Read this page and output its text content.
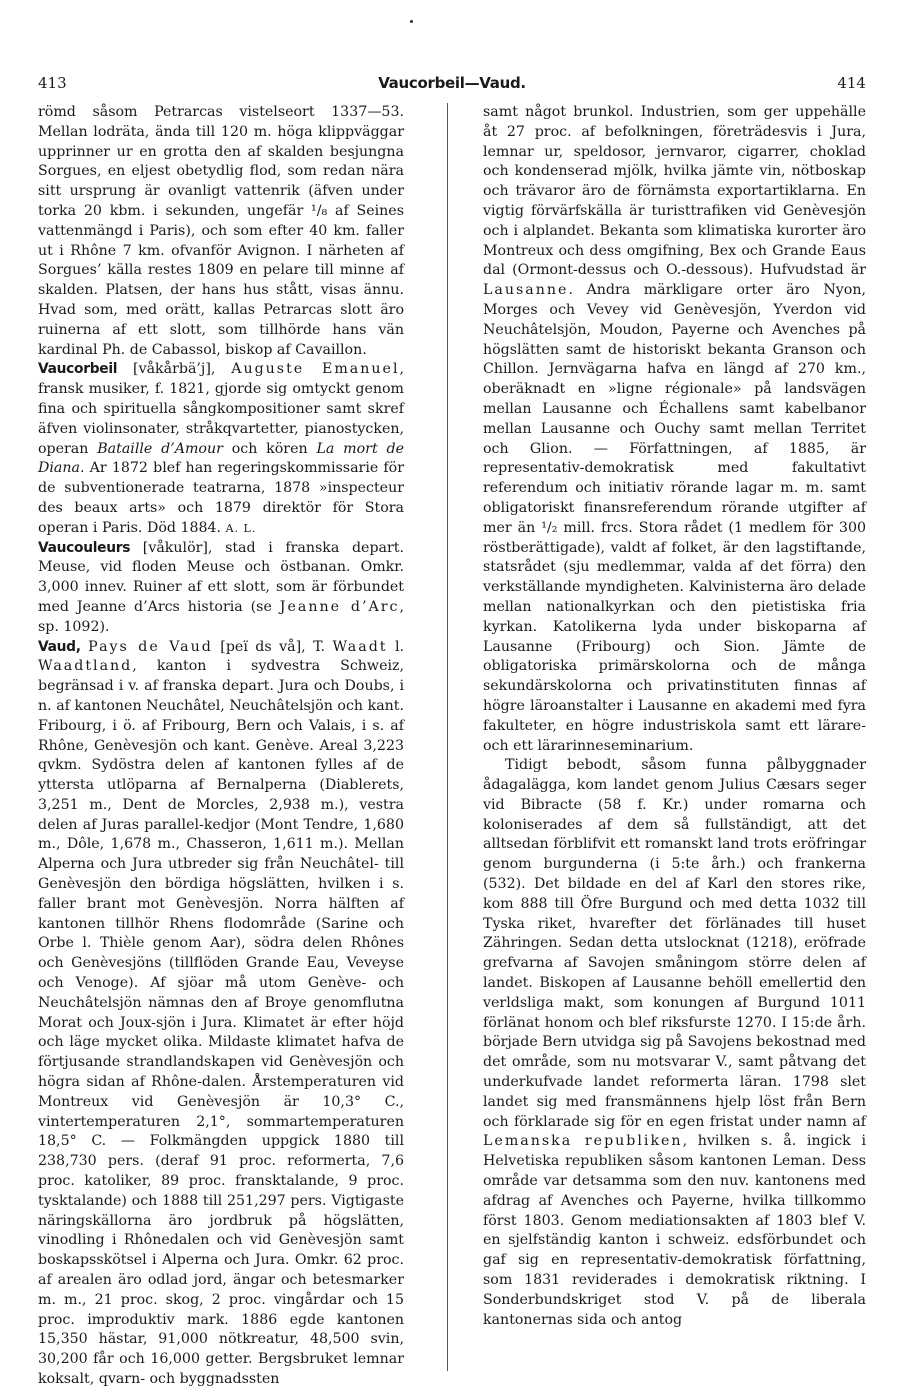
413	Vaucorbeil—Vaud.	414

römd såsom Petrarcas vistelseort 1337—53. Mellan lodräta, ända till 120 m. höga klippväggar upprinner ur en grotta den af skalden besjungna Sorgues, en eljest obetydlig flod, som redan nära sitt ursprung är ovanligt vattenrik (äfven under torka 20 kbm. i sekunden, ungefär ¹/₈ af Seines vattenmängd i Paris), och som efter 40 km. faller ut i Rhône 7 km. ofvanför Avignon. I närheten af Sorgues’ källa restes 1809 en pelare till minne af skalden. Platsen, der hans hus stått, visas ännu. Hvad som, med orätt, kallas Petrarcas slott äro ruinerna af ett slott, som tillhörde hans vän kardinal Ph. de Cabassol, biskop af Cavaillon.

Vaucorbeil [våkårbä’j], Auguste Emanuel, fransk musiker, f. 1821, gjorde sig omtyckt genom fina och spirituella sångkompositioner samt skref äfven violinsonater, stråkqvartetter, pianostycken, operan Bataille d’Amour och kören La mort de Diana. Ar 1872 blef han regeringskommissarie för de subventionerade teatrarna, 1878 »inspecteur des beaux arts» och 1879 direktör för Stora operan i Paris. Död 1884. A. L.

Vaucouleurs [våkulör], stad i franska depart. Meuse, vid floden Meuse och östbanan. Omkr. 3,000 innev. Ruiner af ett slott, som är förbundet med Jeanne d’Arcs historia (se Jeanne d’Arc, sp. 1092).

Vaud, Pays de Vaud [peï ds vå], T. Waadt l. Waadtland, kanton i sydvestra Schweiz, begränsad i v. af franska depart. Jura och Doubs, i n. af kantonen Neuchâtel, Neuchâtelsjön och kant. Fribourg, i ö. af Fribourg, Bern och Valais, i s. af Rhône, Genèvesjön och kant. Genève. Areal 3,223 qvkm. Sydöstra delen af kantonen fylles af de yttersta utlöparna af Bernalperna (Diablerets, 3,251 m., Dent de Morcles, 2,938 m.), vestra delen af Juras parallel-kedjor (Mont Tendre, 1,680 m., Dôle, 1,678 m., Chasseron, 1,611 m.). Mellan Alperna och Jura utbreder sig från Neuchâtel- till Genèvesjön den bördiga högslätten, hvilken i s. faller brant mot Genèvesjön. Norra hälften af kantonen tillhör Rhens flodområde (Sarine och Orbe l. Thièle genom Aar), södra delen Rhônes och Genèvesjöns (tillflöden Grande Eau, Veveyse och Venoge). Af sjöar må utom Genève- och Neuchâtelsjön nämnas den af Broye genomflutna Morat och Joux-sjön i Jura. Klimatet är efter höjd och läge mycket olika. Mildaste klimatet hafva de förtjusande strandlandskapen vid Genèvesjön och högra sidan af Rhône-dalen. Årstemperaturen vid Montreux vid Genèvesjön är 10,3° C., vintertemperaturen 2,1°, sommartemperaturen 18,5° C. — Folkmängden uppgick 1880 till 238,730 pers. (deraf 91 proc. reformerta, 7,6 proc. katoliker, 89 proc. fransktalande, 9 proc. tysktalande) och 1888 till 251,297 pers. Vigtigaste näringskällorna äro jordbruk på högslätten, vinodling i Rhônedalen och vid Genèvesjön samt boskapsskötsel i Alperna och Jura. Omkr. 62 proc. af arealen äro odlad jord, ängar och betesmarker m. m., 21 proc. skog, 2 proc. vingårdar och 15 proc. improduktiv mark. 1886 egde kantonen 15,350 hästar, 91,000 nötkreatur, 48,500 svin, 30,200 får och 16,000 getter. Bergsbruket lemnar koksalt, qvarn- och byggnadssten

samt något brunkol. Industrien, som ger uppehälle åt 27 proc. af befolkningen, företrädesvis i Jura, lemnar ur, speldosor, jernvaror, cigarrer, choklad och kondenserad mjölk, hvilka jämte vin, nötboskap och trävaror äro de förnämsta exportartiklarna. En vigtig förvärfskälla är turisttrafiken vid Genèvesjön och i alplandet. Bekanta som klimatiska kurorter äro Montreux och dess omgifning, Bex och Grande Eaus dal (Ormont-dessus och O.-dessous). Hufvudstad är Lausanne. Andra märkligare orter äro Nyon, Morges och Vevey vid Genèvesjön, Yverdon vid Neuchâtelsjön, Moudon, Payerne och Avenches på högslätten samt de historiskt bekanta Granson och Chillon. Jernvägarna hafva en längd af 270 km., oberäknadt en »ligne régionale» på landsvägen mellan Lausanne och Échallens samt kabelbanor mellan Lausanne och Ouchy samt mellan Territet och Glion. — Författningen, af 1885, är representativ-demokratisk med fakultativt referendum och initiativ rörande lagar m. m. samt obligatoriskt finansreferendum rörande utgifter af mer än ¹/₂ mill. frcs. Stora rådet (1 medlem för 300 röstberättigade), valdt af folket, är den lagstiftande, statsrådet (sju medlemmar, valda af det förra) den verkställande myndigheten. Kalvinisterna äro delade mellan nationalkyrkan och den pietistiska fria kyrkan. Katolikerna lyda under biskoparna af Lausanne (Fribourg) och Sion. Jämte de obligatoriska primärskolorna och de många sekundärskolorna och privatinstituten finnas af högre läroanstalter i Lausanne en akademi med fyra fakulteter, en högre industriskola samt ett lärare- och ett lärarinneseminarium.

Tidigt bebodt, såsom funna pålbyggnader ådagalägga, kom landet genom Julius Cæsars seger vid Bibracte (58 f. Kr.) under romarna och koloniserades af dem så fullständigt, att det alltsedan förblifvit ett romanskt land trots eröfringar genom burgunderna (i 5:te årh.) och frankerna (532). Det bildade en del af Karl den stores rike, kom 888 till Öfre Burgund och med detta 1032 till Tyska riket, hvarefter det förlänades till huset Zähringen. Sedan detta utslocknat (1218), eröfrade grefvarna af Savojen småningom större delen af landet. Biskopen af Lausanne behöll emellertid den verldsliga makt, som konungen af Burgund 1011 förlänat honom och blef riksfurste 1270. I 15:de årh. började Bern utvidga sig på Savojens bekostnad med det område, som nu motsvarar V., samt påtvang det underkufvade landet reformerta läran. 1798 slet landet sig med fransmännens hjelp löst från Bern och förklarade sig för en egen fristat under namn af Lemanska republiken, hvilken s. å. ingick i Helvetiska republiken såsom kantonen Leman. Dess område var detsamma som den nuv. kantonens med afdrag af Avenches och Payerne, hvilka tillkommo först 1803. Genom mediationsakten af 1803 blef V. en sjelfständig kanton i schweiz. edsförbundet och gaf sig en representativ-demokratisk författning, som 1831 reviderades i demokratisk riktning. I Sonderbundskriget stod V. på de liberala kantonernas sida och antog
